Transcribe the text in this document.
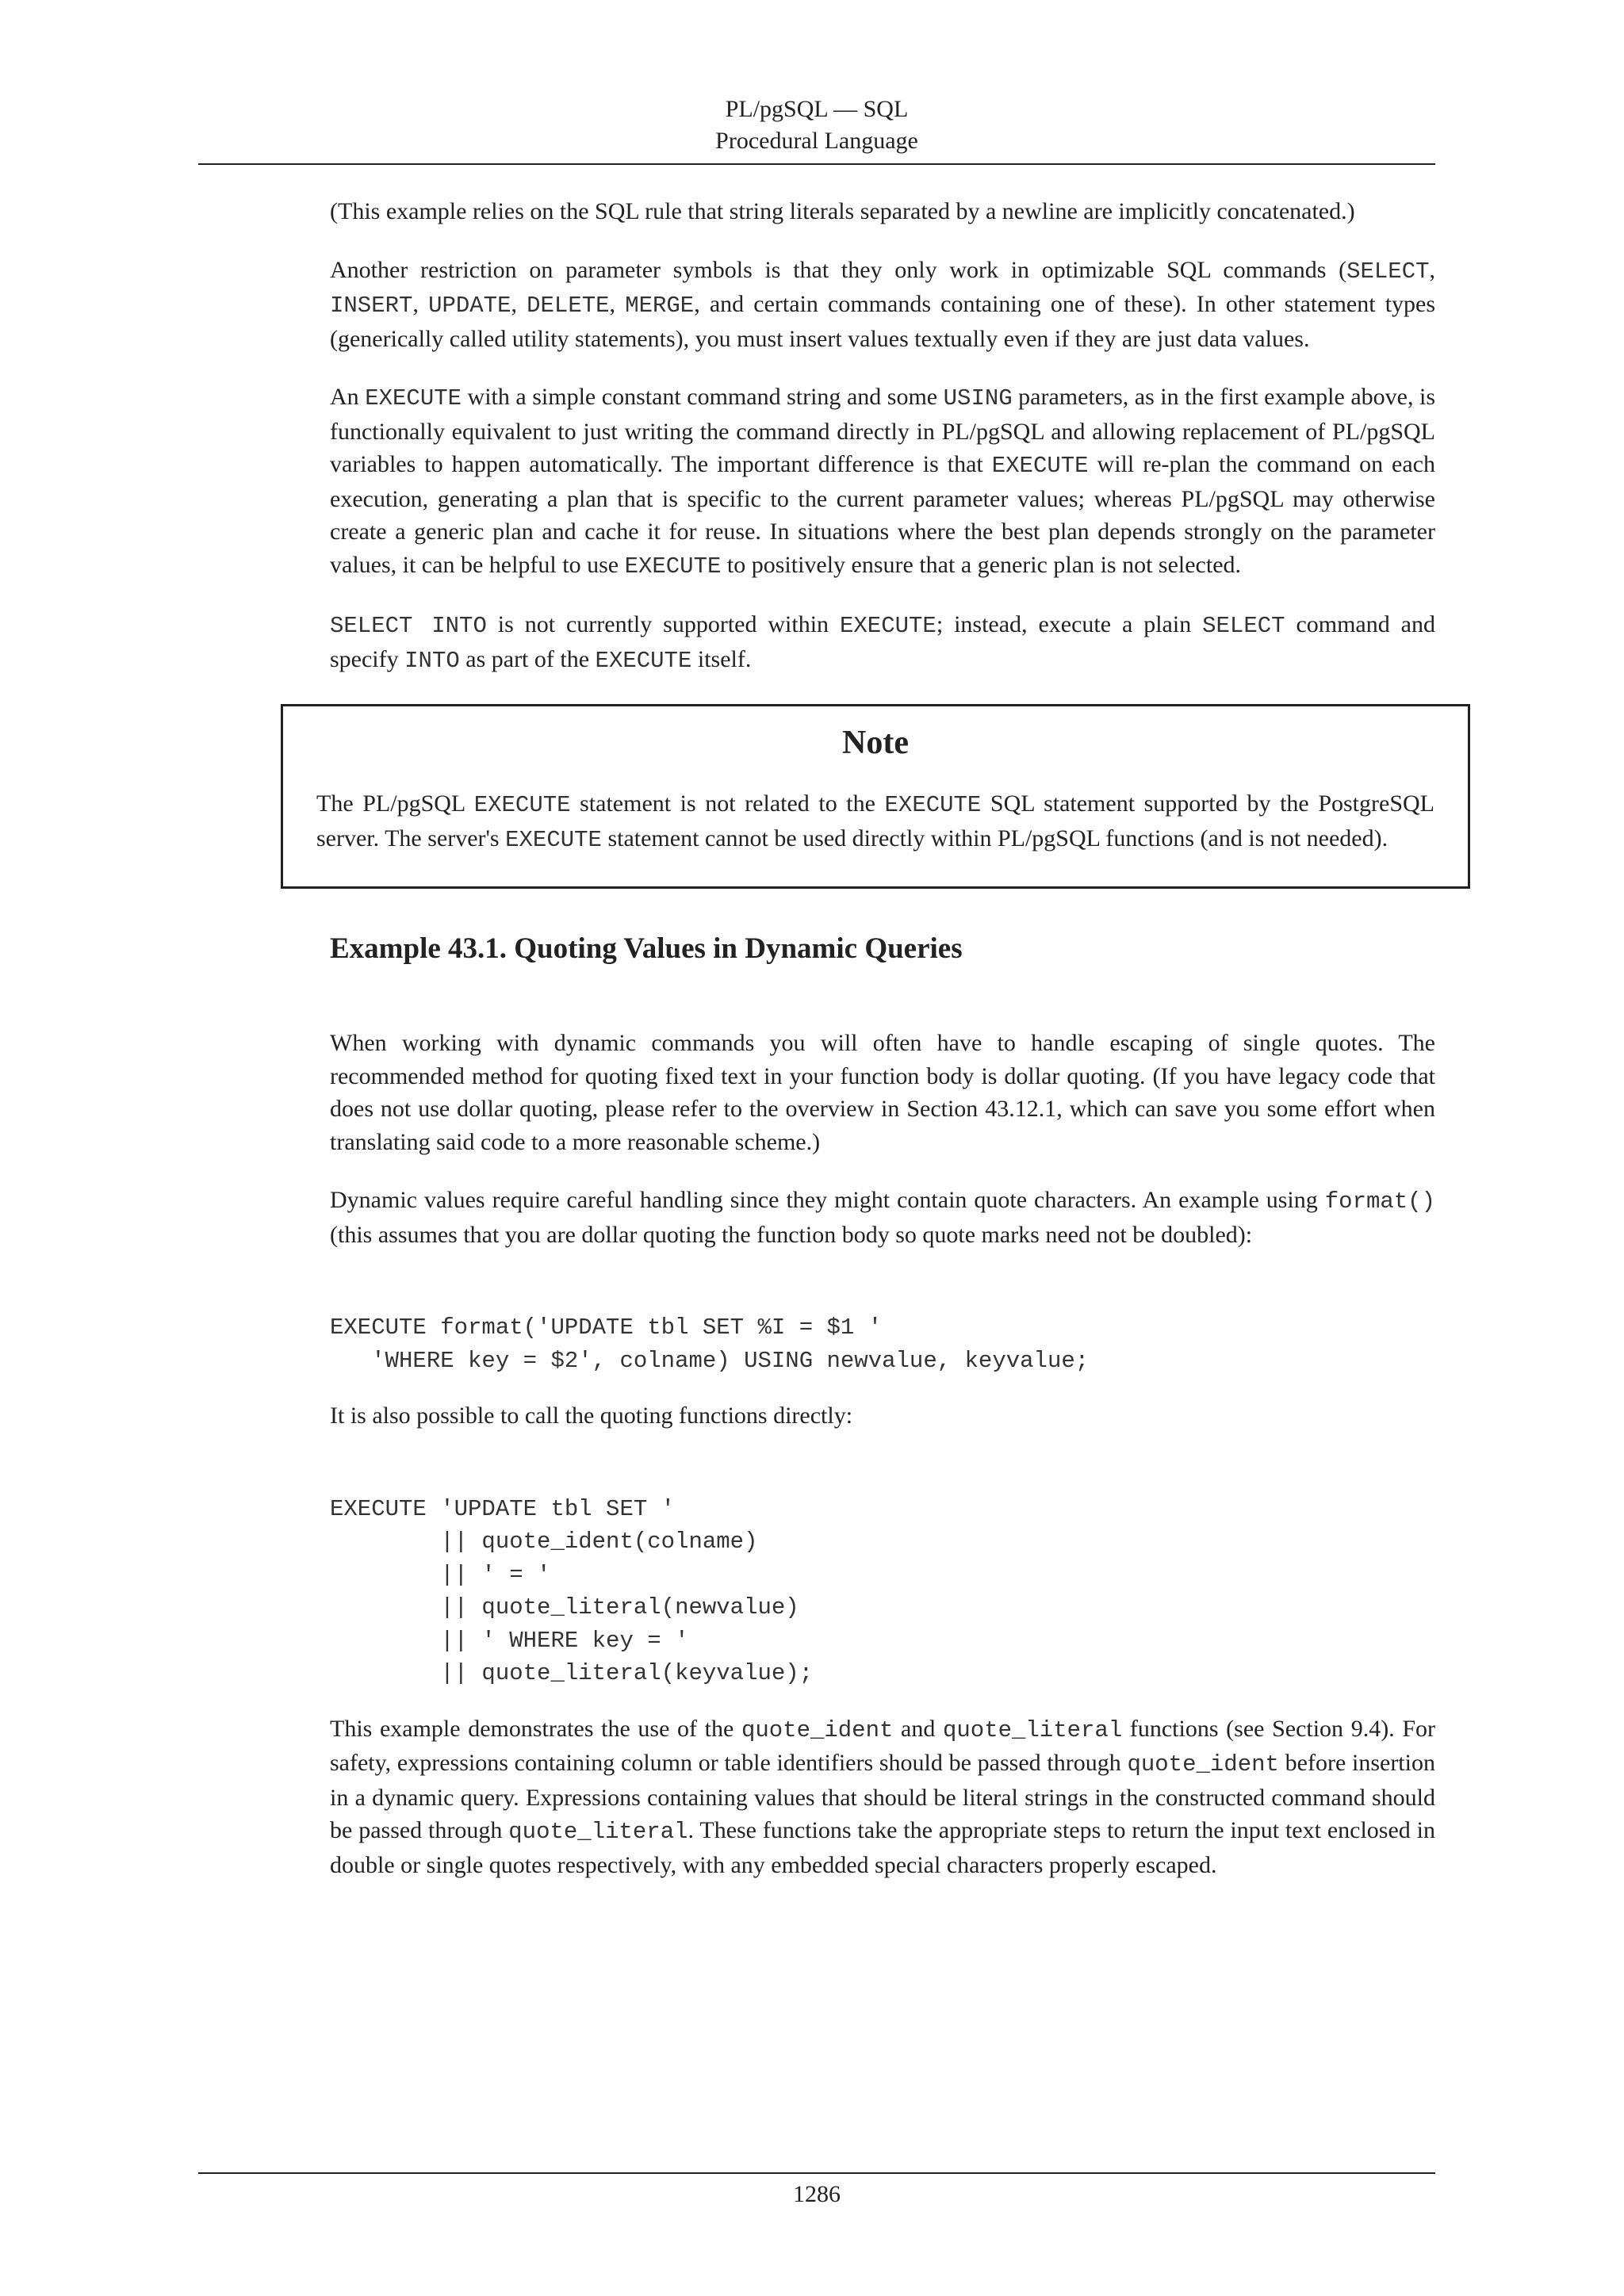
PL/pgSQL — SQL
Procedural Language

(This example relies on the SQL rule that string literals separated by a newline are implicitly concatenated.)

Another restriction on parameter symbols is that they only work in optimizable SQL commands (SELECT, INSERT, UPDATE, DELETE, MERGE, and certain commands containing one of these). In other statement types (generically called utility statements), you must insert values textually even if they are just data values.

An EXECUTE with a simple constant command string and some USING parameters, as in the first example above, is functionally equivalent to just writing the command directly in PL/pgSQL and allowing replacement of PL/pgSQL variables to happen automatically. The important difference is that EXECUTE will re-plan the command on each execution, generating a plan that is specific to the current parameter values; whereas PL/pgSQL may otherwise create a generic plan and cache it for reuse. In situations where the best plan depends strongly on the parameter values, it can be helpful to use EXECUTE to positively ensure that a generic plan is not selected.

SELECT INTO is not currently supported within EXECUTE; instead, execute a plain SELECT command and specify INTO as part of the EXECUTE itself.

Note

The PL/pgSQL EXECUTE statement is not related to the EXECUTE SQL statement supported by the PostgreSQL server. The server's EXECUTE statement cannot be used directly within PL/pgSQL functions (and is not needed).

Example 43.1. Quoting Values in Dynamic Queries

When working with dynamic commands you will often have to handle escaping of single quotes. The recommended method for quoting fixed text in your function body is dollar quoting. (If you have legacy code that does not use dollar quoting, please refer to the overview in Section 43.12.1, which can save you some effort when translating said code to a more reasonable scheme.)

Dynamic values require careful handling since they might contain quote characters. An example using format() (this assumes that you are dollar quoting the function body so quote marks need not be doubled):

EXECUTE format('UPDATE tbl SET %I = $1 '
'WHERE key = $2', colname) USING newvalue, keyvalue;

It is also possible to call the quoting functions directly:

EXECUTE 'UPDATE tbl SET '
|| quote_ident(colname)
|| ' = '
|| quote_literal(newvalue)
|| ' WHERE key = '
|| quote_literal(keyvalue);

This example demonstrates the use of the quote_ident and quote_literal functions (see Section 9.4). For safety, expressions containing column or table identifiers should be passed through quote_ident before insertion in a dynamic query. Expressions containing values that should be literal strings in the constructed command should be passed through quote_literal. These functions take the appropriate steps to return the input text enclosed in double or single quotes respectively, with any embedded special characters properly escaped.

1286
